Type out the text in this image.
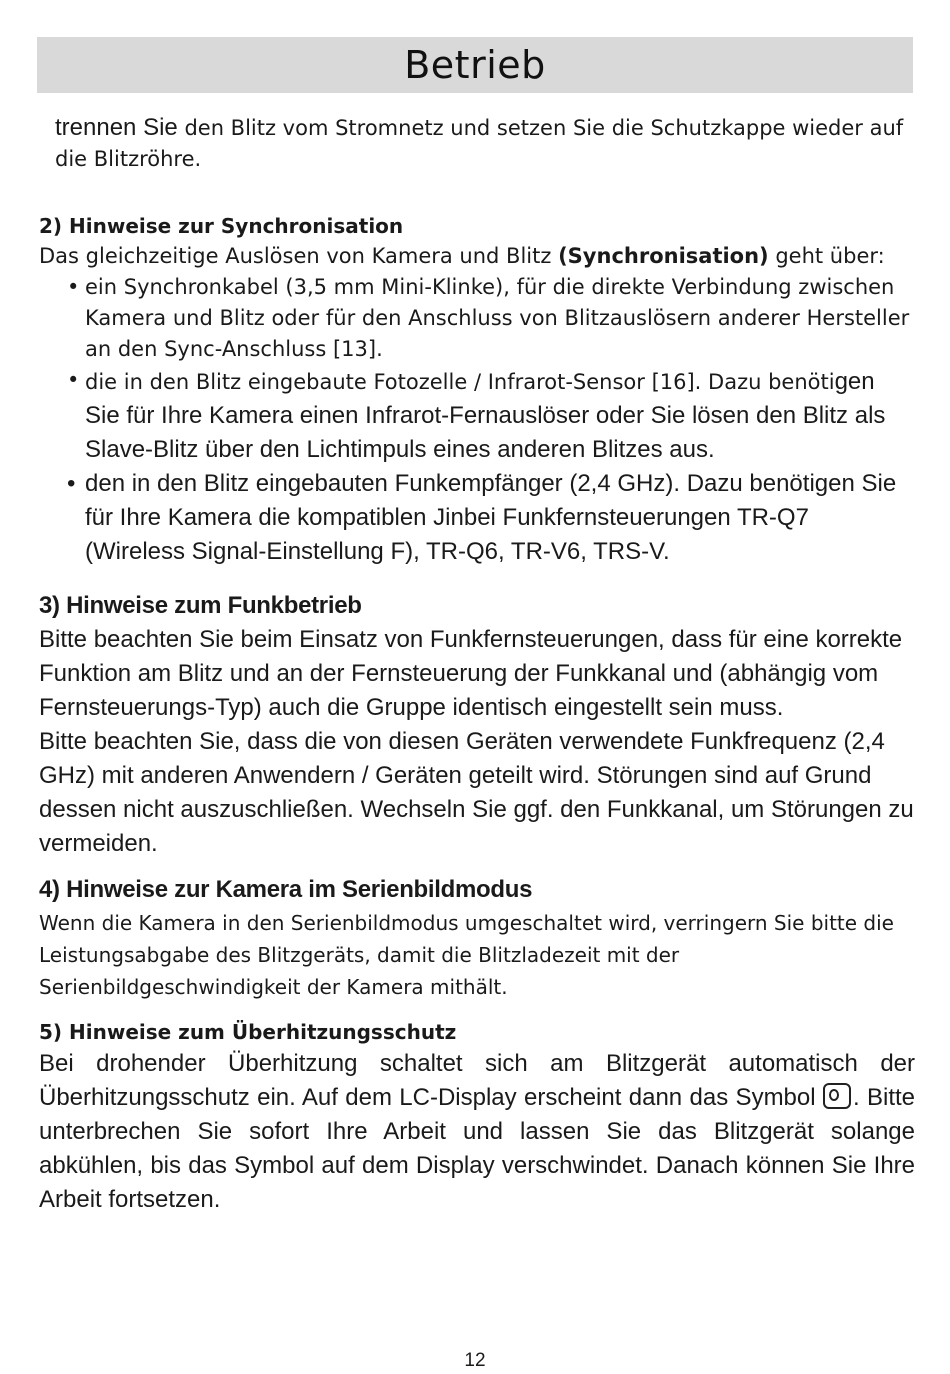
Betrieb

trennen Sie den Blitz vom Stromnetz und setzen Sie die Schutzkappe wieder auf die Blitzröhre.

2) Hinweise zur Synchronisation

Das gleichzeitige Auslösen von Kamera und Blitz (Synchronisation) geht über:

• ein Synchronkabel (3,5 mm Mini-Klinke), für die direkte Verbindung zwischen Kamera und Blitz oder für den Anschluss von Blitzauslösern anderer Hersteller an den Sync-Anschluss [13].
• die in den Blitz eingebaute Fotozelle / Infrarot-Sensor [16]. Dazu benötigen Sie für Ihre Kamera einen Infrarot-Fernauslöser oder Sie lösen den Blitz als Slave-Blitz über den Lichtimpuls eines anderen Blitzes aus.
• den in den Blitz eingebauten Funkempfänger (2,4 GHz). Dazu benötigen Sie für Ihre Kamera die kompatiblen Jinbei Funkfernsteuerungen TR-Q7 (Wireless Signal-Einstellung F), TR-Q6, TR-V6, TRS-V.
3) Hinweise zum Funkbetrieb

Bitte beachten Sie beim Einsatz von Funkfernsteuerungen, dass für eine korrekte Funktion am Blitz und an der Fernsteuerung der Funkkanal und (abhängig vom Fernsteuerungs-Typ) auch die Gruppe identisch eingestellt sein muss.

Bitte beachten Sie, dass die von diesen Geräten verwendete Funkfrequenz (2,4 GHz) mit anderen Anwendern / Geräten geteilt wird. Störungen sind auf Grund dessen nicht auszuschließen. Wechseln Sie ggf. den Funkkanal, um Störungen zu vermeiden.

4) Hinweise zur Kamera im Serienbildmodus

Wenn die Kamera in den Serienbildmodus umgeschaltet wird, verringern Sie bitte die Leistungsabgabe des Blitzgeräts, damit die Blitzladezeit mit der Serienbildgeschwindigkeit der Kamera mithält.

5) Hinweise zum Überhitzungsschutz

Bei drohender Überhitzung schaltet sich am Blitzgerät automatisch der Überhitzungsschutz ein. Auf dem LC-Display erscheint dann das Symbol . Bitte unterbrechen Sie sofort Ihre Arbeit und lassen Sie das Blitzgerät solange abkühlen, bis das Symbol auf dem Display verschwindet. Danach können Sie Ihre Arbeit fortsetzen.

12
